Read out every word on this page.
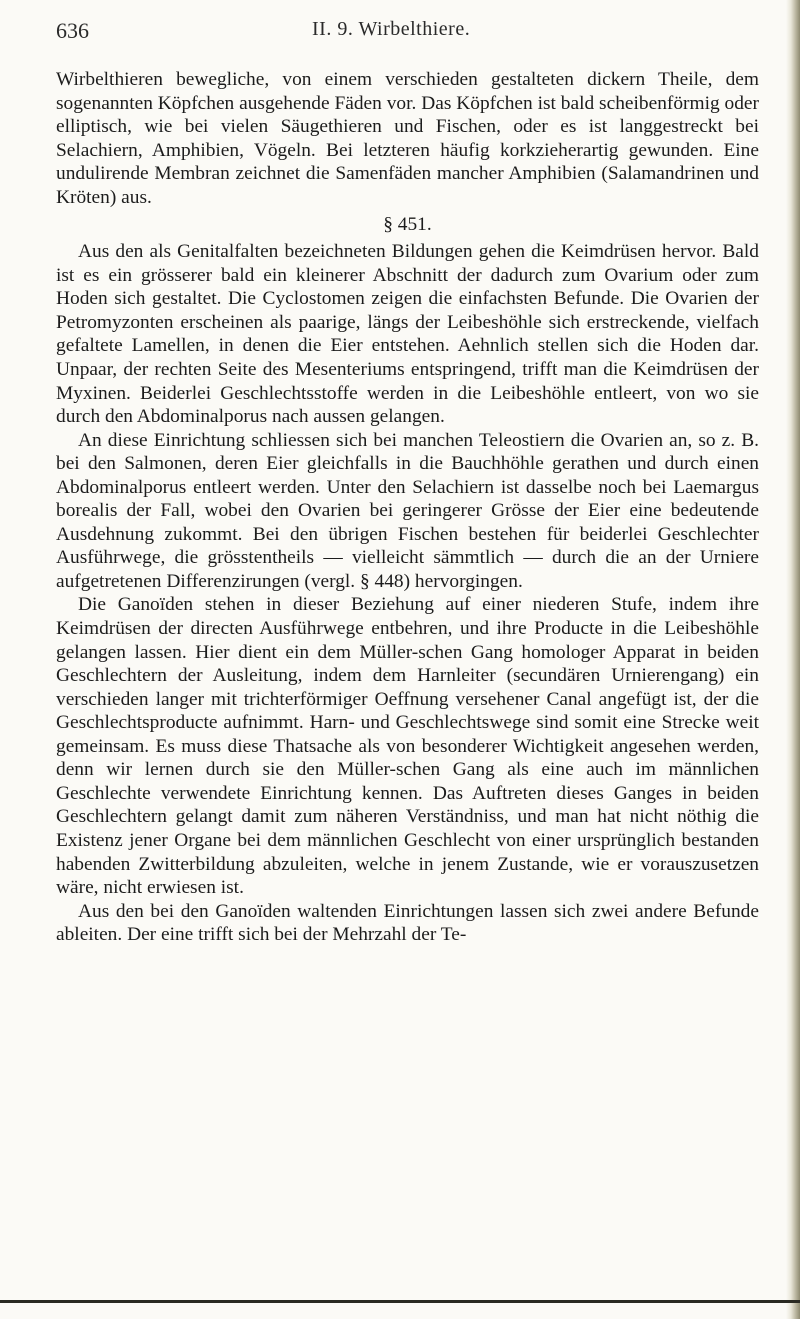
636	II. 9. Wirbelthiere.

Wirbelthieren bewegliche, von einem verschieden gestalteten dickern Theile, dem sogenannten Köpfchen ausgehende Fäden vor. Das Köpfchen ist bald scheibenförmig oder elliptisch, wie bei vielen Säugethieren und Fischen, oder es ist langgestreckt bei Selachiern, Amphibien, Vögeln. Bei letzteren häufig korkzieherartig gewunden. Eine undulirende Membran zeichnet die Samenfäden mancher Amphibien (Salamandrinen und Kröten) aus.

§ 451.

Aus den als Genitalfalten bezeichneten Bildungen gehen die Keimdrüsen hervor. Bald ist es ein grösserer bald ein kleinerer Abschnitt der dadurch zum Ovarium oder zum Hoden sich gestaltet. Die Cyclostomen zeigen die einfachsten Befunde. Die Ovarien der Petromyzonten erscheinen als paarige, längs der Leibeshöhle sich erstreckende, vielfach gefaltete Lamellen, in denen die Eier entstehen. Aehnlich stellen sich die Hoden dar. Unpaar, der rechten Seite des Mesenteriums entspringend, trifft man die Keimdrüsen der Myxinen. Beiderlei Geschlechtsstoffe werden in die Leibeshöhle entleert, von wo sie durch den Abdominalporus nach aussen gelangen.

An diese Einrichtung schliessen sich bei manchen Teleostiern die Ovarien an, so z. B. bei den Salmonen, deren Eier gleichfalls in die Bauchhöhle gerathen und durch einen Abdominalporus entleert werden. Unter den Selachiern ist dasselbe noch bei Laemargus borealis der Fall, wobei den Ovarien bei geringerer Grösse der Eier eine bedeutende Ausdehnung zukommt. Bei den übrigen Fischen bestehen für beiderlei Geschlechter Ausführwege, die grösstentheils — vielleicht sämmtlich — durch die an der Urniere aufgetretenen Differenzirungen (vergl. § 448) hervorgingen.

Die Ganoïden stehen in dieser Beziehung auf einer niederen Stufe, indem ihre Keimdrüsen der directen Ausführwege entbehren, und ihre Producte in die Leibeshöhle gelangen lassen. Hier dient ein dem Müller-schen Gang homologer Apparat in beiden Geschlechtern der Ausleitung, indem dem Harnleiter (secundären Urnierengang) ein verschieden langer mit trichterförmiger Oeffnung versehener Canal angefügt ist, der die Geschlechtsproducte aufnimmt. Harn- und Geschlechtswege sind somit eine Strecke weit gemeinsam. Es muss diese Thatsache als von besonderer Wichtigkeit angesehen werden, denn wir lernen durch sie den Müller-schen Gang als eine auch im männlichen Geschlechte verwendete Einrichtung kennen. Das Auftreten dieses Ganges in beiden Geschlechtern gelangt damit zum näheren Verständniss, und man hat nicht nöthig die Existenz jener Organe bei dem männlichen Geschlecht von einer ursprünglich bestanden habenden Zwitterbildung abzuleiten, welche in jenem Zustande, wie er vorauszusetzen wäre, nicht erwiesen ist.

Aus den bei den Ganoïden waltenden Einrichtungen lassen sich zwei andere Befunde ableiten. Der eine trifft sich bei der Mehrzahl der Te-
